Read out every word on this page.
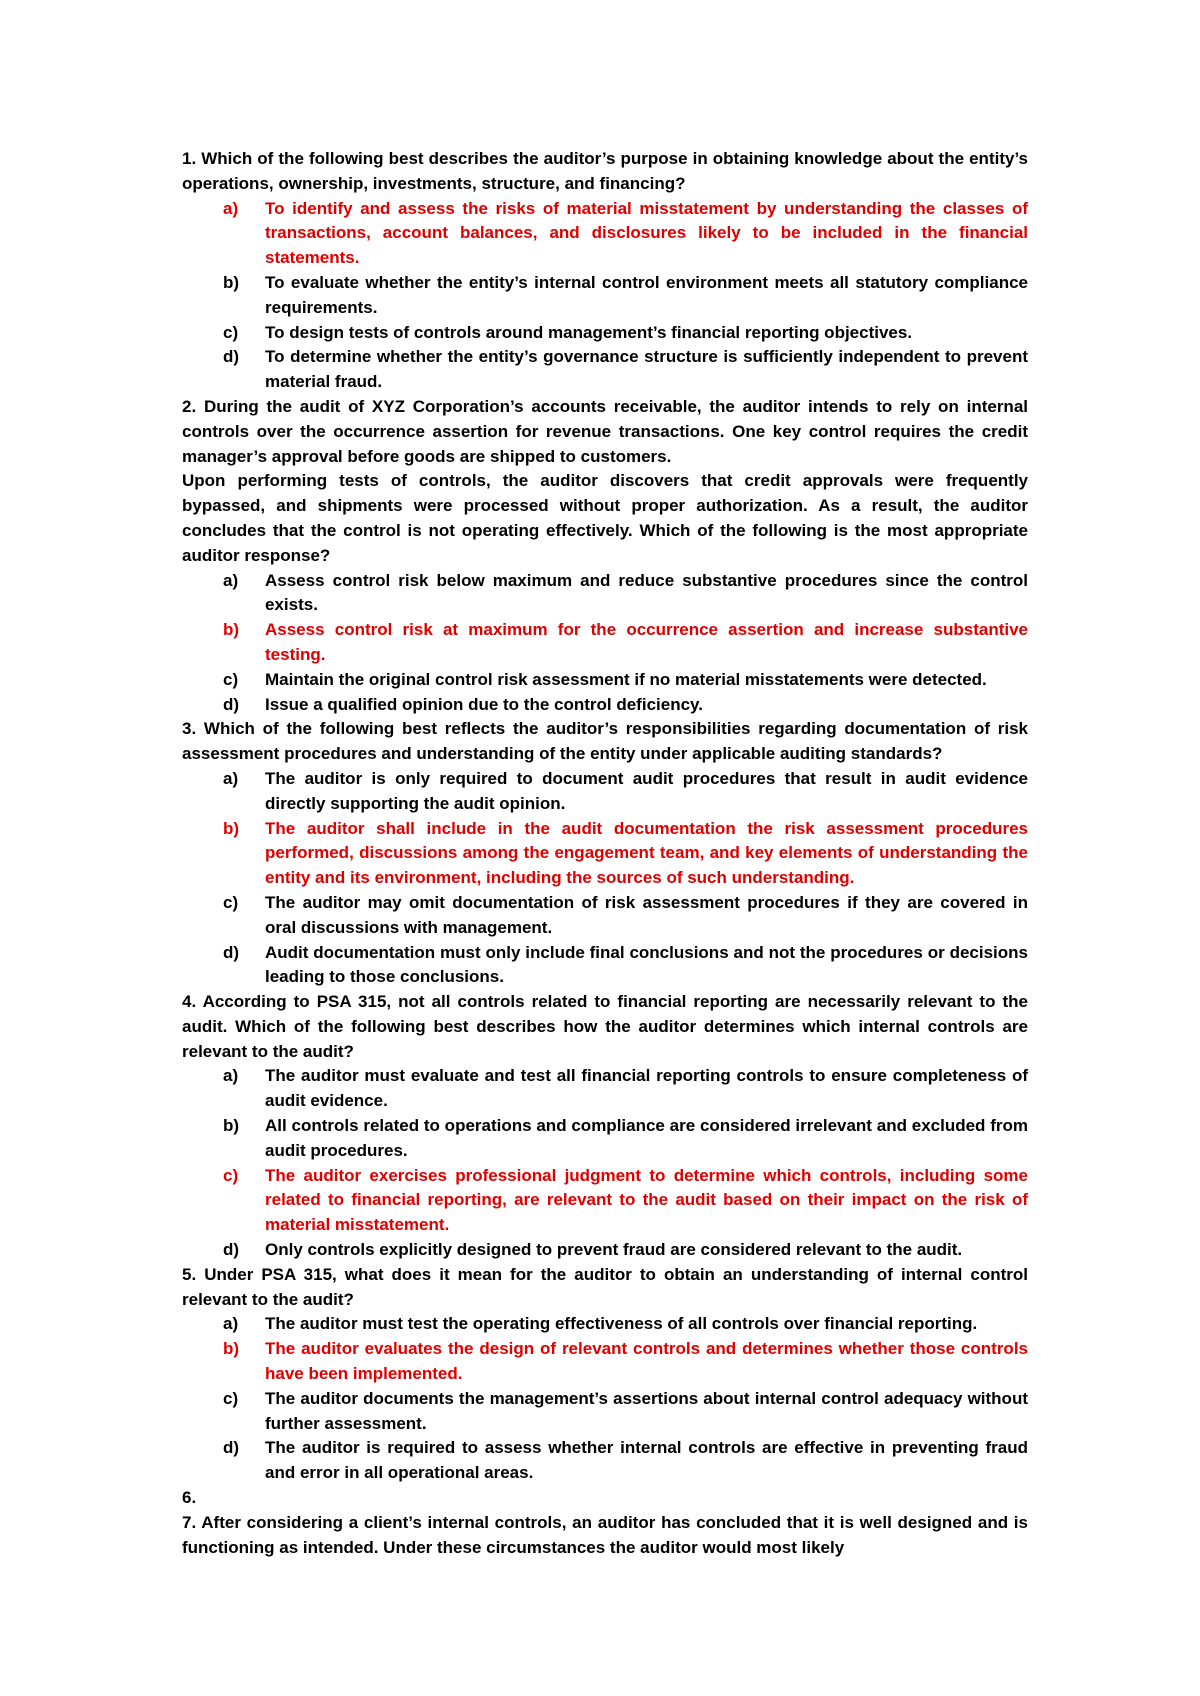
1. Which of the following best describes the auditor’s purpose in obtaining knowledge about the entity’s operations, ownership, investments, structure, and financing?

a)	To identify and assess the risks of material misstatement by understanding the classes of transactions, account balances, and disclosures likely to be included in the financial statements.
b)	To evaluate whether the entity’s internal control environment meets all statutory compliance requirements.
c)	To design tests of controls around management’s financial reporting objectives.
d)	To determine whether the entity’s governance structure is sufficiently independent to prevent material fraud.

2. During the audit of XYZ Corporation’s accounts receivable, the auditor intends to rely on internal controls over the occurrence assertion for revenue transactions. One key control requires the credit manager’s approval before goods are shipped to customers.

Upon performing tests of controls, the auditor discovers that credit approvals were frequently bypassed, and shipments were processed without proper authorization. As a result, the auditor concludes that the control is not operating effectively. Which of the following is the most appropriate auditor response?

a)	Assess control risk below maximum and reduce substantive procedures since the control exists.
b)	Assess control risk at maximum for the occurrence assertion and increase substantive testing.
c)	Maintain the original control risk assessment if no material misstatements were detected.
d)	Issue a qualified opinion due to the control deficiency.

3. Which of the following best reflects the auditor’s responsibilities regarding documentation of risk assessment procedures and understanding of the entity under applicable auditing standards?

a)	The auditor is only required to document audit procedures that result in audit evidence directly supporting the audit opinion.
b)	The auditor shall include in the audit documentation the risk assessment procedures performed, discussions among the engagement team, and key elements of understanding the entity and its environment, including the sources of such understanding.
c)	The auditor may omit documentation of risk assessment procedures if they are covered in oral discussions with management.
d)	Audit documentation must only include final conclusions and not the procedures or decisions leading to those conclusions.

4. According to PSA 315, not all controls related to financial reporting are necessarily relevant to the audit. Which of the following best describes how the auditor determines which internal controls are relevant to the audit?

a)	The auditor must evaluate and test all financial reporting controls to ensure completeness of audit evidence.
b)	All controls related to operations and compliance are considered irrelevant and excluded from audit procedures.
c)	The auditor exercises professional judgment to determine which controls, including some related to financial reporting, are relevant to the audit based on their impact on the risk of material misstatement.
d)	Only controls explicitly designed to prevent fraud are considered relevant to the audit.

5. Under PSA 315, what does it mean for the auditor to obtain an understanding of internal control relevant to the audit?

a)	The auditor must test the operating effectiveness of all controls over financial reporting.
b)	The auditor evaluates the design of relevant controls and determines whether those controls have been implemented.
c)	The auditor documents the management’s assertions about internal control adequacy without further assessment.
d)	The auditor is required to assess whether internal controls are effective in preventing fraud and error in all operational areas.

6.

7. After considering a client’s internal controls, an auditor has concluded that it is well designed and is functioning as intended. Under these circumstances the auditor would most likely
